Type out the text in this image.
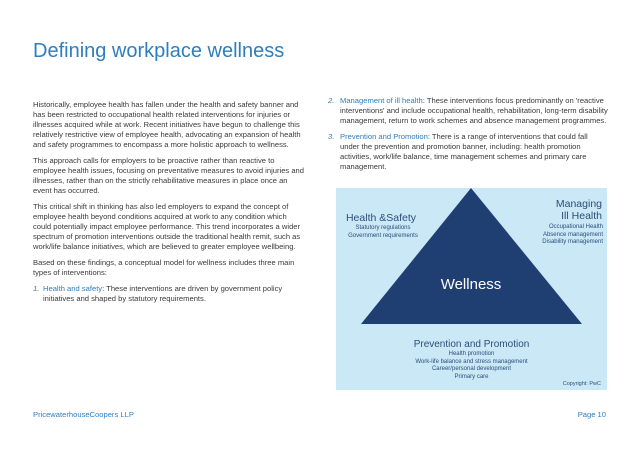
Defining workplace wellness

Historically, employee health has fallen under the health and safety banner and has been restricted to occupational health related interventions for injuries or illnesses acquired while at work. Recent initiatives have begun to challenge this relatively restrictive view of employee health, advocating an expansion of health and safety programmes to encompass a more holistic approach to wellness.

This approach calls for employers to be proactive rather than reactive to employee health issues, focusing on preventative measures to avoid injuries and illnesses, rather than on the strictly rehabilitative measures in place once an event has occurred.

This critical shift in thinking has also led employers to expand the concept of employee health beyond conditions acquired at work to any condition which could potentially impact employee performance. This trend incorporates a wider spectrum of promotion interventions outside the traditional health remit, such as work/life balance initiatives, which are believed to greater employee wellbeing.

Based on these findings, a conceptual model for wellness includes three main types of interventions:

1. Health and safety: These interventions are driven by government policy initiatives and shaped by statutory requirements.

2. Management of ill health: These interventions focus predominantly on 'reactive interventions' and include occupational health, rehabilitation, long-term disability management, return to work schemes and absence management programmes.
3. Prevention and Promotion: There is a range of interventions that could fall under the prevention and promotion banner, including: health promotion activities, work/life balance, time management schemes and primary care management.
Health &Safety
Statutory regulations
Government requirements
Managing
Ill Health
Occupational Health
Absence management
Disability management
Wellness
Prevention and Promotion
Health promotion
Work-life balance and stress management
Career/personal development
Primary care
Copyright: PwC
PricewaterhouseCoopers LLP	Page 10
